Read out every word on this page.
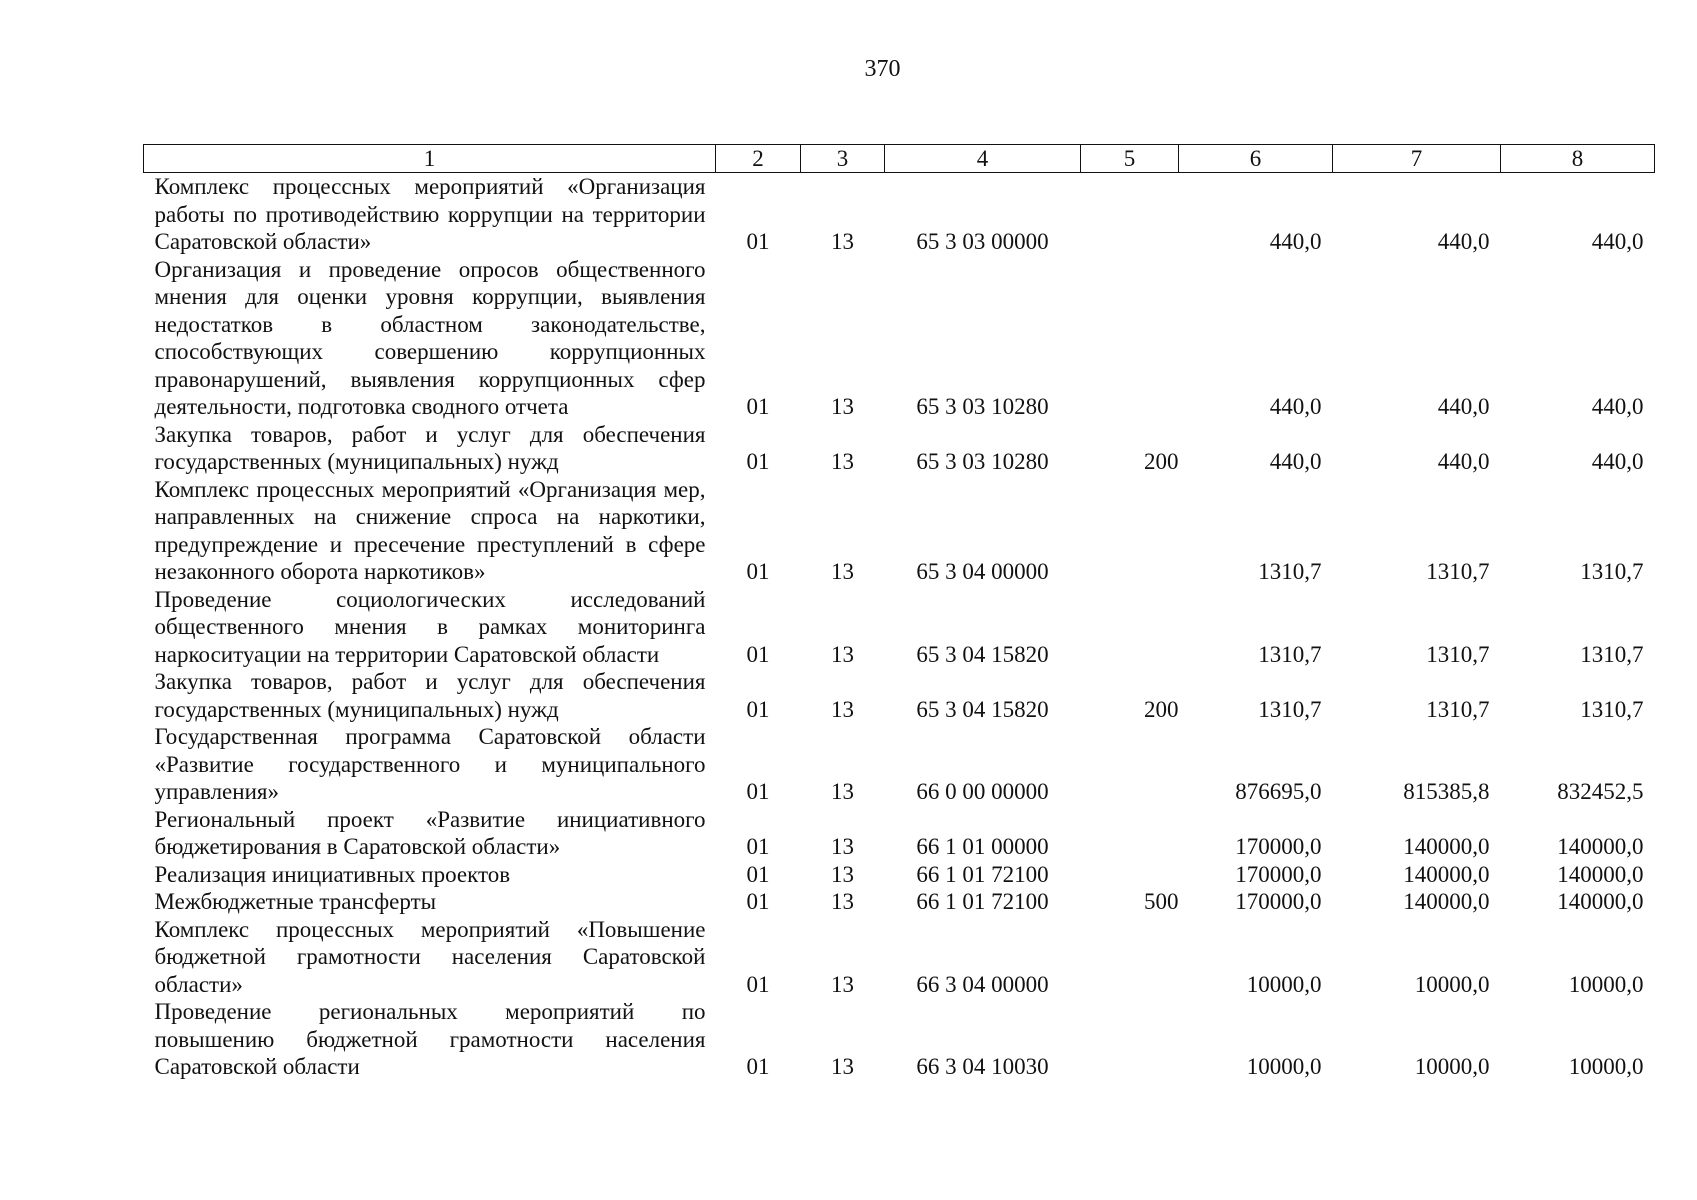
370
1	2	3	4	5	6	7	8
Комплекс процессных мероприятий «Организация работы по противодействию коррупции на территории Саратовской области»	01	13	65 3 03 00000		440,0	440,0	440,0
Организация и проведение опросов общественного мнения для оценки уровня коррупции, выявления недостатков в областном законодательстве, способствующих совершению коррупционных правонарушений, выявления коррупционных сфер деятельности, подготовка сводного отчета	01	13	65 3 03 10280		440,0	440,0	440,0
Закупка товаров, работ и услуг для обеспечения государственных (муниципальных) нужд	01	13	65 3 03 10280	200	440,0	440,0	440,0
Комплекс процессных мероприятий «Организация мер, направленных на снижение спроса на наркотики, предупреждение и пресечение преступлений в сфере незаконного оборота наркотиков»	01	13	65 3 04 00000		1310,7	1310,7	1310,7
Проведение социологических исследований общественного мнения в рамках мониторинга наркоситуации на территории Саратовской области	01	13	65 3 04 15820		1310,7	1310,7	1310,7
Закупка товаров, работ и услуг для обеспечения государственных (муниципальных) нужд	01	13	65 3 04 15820	200	1310,7	1310,7	1310,7
Государственная программа Саратовской области «Развитие государственного и муниципального управления»	01	13	66 0 00 00000		876695,0	815385,8	832452,5
Региональный проект «Развитие инициативного бюджетирования в Саратовской области»	01	13	66 1 01 00000		170000,0	140000,0	140000,0
Реализация инициативных проектов	01	13	66 1 01 72100		170000,0	140000,0	140000,0
Межбюджетные трансферты	01	13	66 1 01 72100	500	170000,0	140000,0	140000,0
Комплекс процессных мероприятий «Повышение бюджетной грамотности населения Саратовской области»	01	13	66 3 04 00000		10000,0	10000,0	10000,0
Проведение региональных мероприятий по повышению бюджетной грамотности населения Саратовской области	01	13	66 3 04 10030		10000,0	10000,0	10000,0
